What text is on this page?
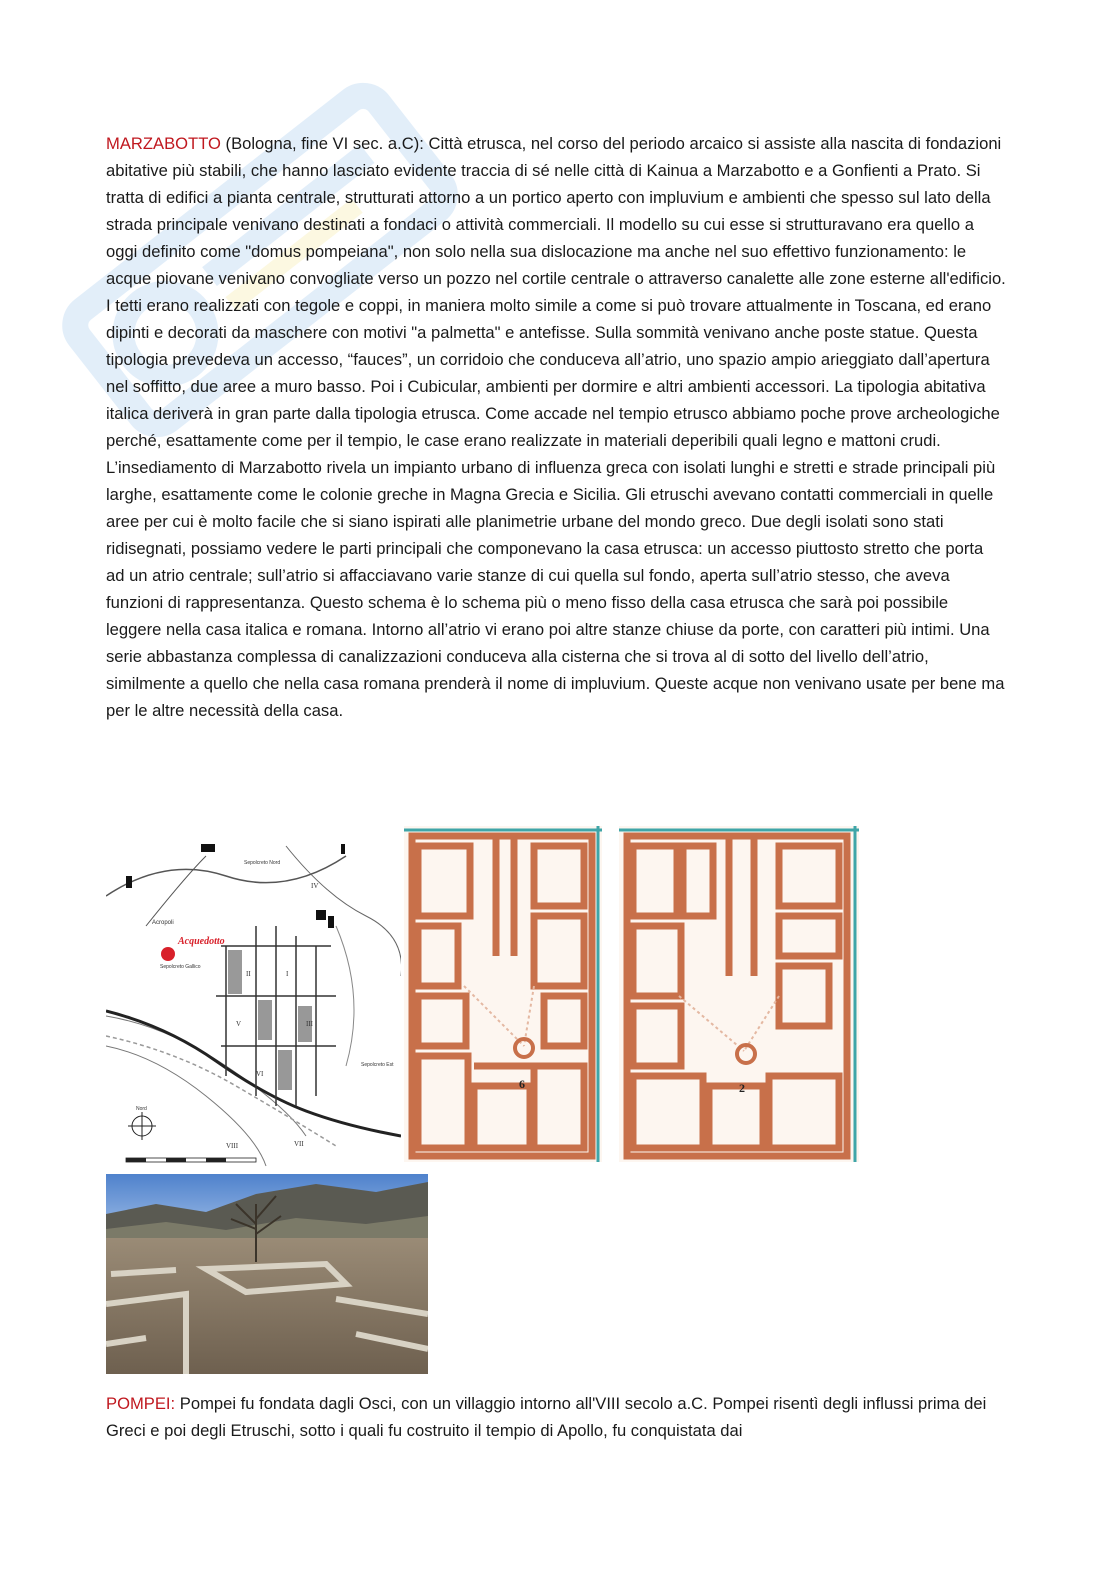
MARZABOTTO (Bologna, fine VI sec. a.C): Città etrusca, nel corso del periodo arcaico si assiste alla nascita di fondazioni abitative più stabili, che hanno lasciato evidente traccia di sé nelle città di Kainua a Marzabotto e a Gonfienti a Prato. Si tratta di edifici a pianta centrale, strutturati attorno a un portico aperto con impluvium e ambienti che spesso sul lato della strada principale venivano destinati a fondaci o attività commerciali. Il modello su cui esse si strutturavano era quello a oggi definito come "domus pompeiana", non solo nella sua dislocazione ma anche nel suo effettivo funzionamento: le acque piovane venivano convogliate verso un pozzo nel cortile centrale o attraverso canalette alle zone esterne all'edificio. I tetti erano realizzati con tegole e coppi, in maniera molto simile a come si può trovare attualmente in Toscana, ed erano dipinti e decorati da maschere con motivi "a palmetta" e antefisse. Sulla sommità venivano anche poste statue. Questa tipologia prevedeva un accesso, “fauces”, un corridoio che conduceva all’atrio, uno spazio ampio arieggiato dall’apertura nel soffitto, due aree a muro basso. Poi i Cubicular, ambienti per dormire e altri ambienti accessori. La tipologia abitativa italica deriverà in gran parte dalla tipologia etrusca. Come accade nel tempio etrusco abbiamo poche prove archeologiche perché, esattamente come per il tempio, le case erano realizzate in materiali deperibili quali legno e mattoni crudi. L’insediamento di Marzabotto rivela un impianto urbano di influenza greca con isolati lunghi e stretti e strade principali più larghe, esattamente come le colonie greche in Magna Grecia e Sicilia. Gli etruschi avevano contatti commerciali in quelle aree per cui è molto facile che si siano ispirati alle planimetrie urbane del mondo greco. Due degli isolati sono stati ridisegnati, possiamo vedere le parti principali che componevano la casa etrusca: un accesso piuttosto stretto che porta ad un atrio centrale; sull’atrio si affacciavano varie stanze di cui quella sul fondo, aperta sull’atrio stesso, che aveva funzioni di rappresentanza. Questo schema è lo schema più o meno fisso della casa etrusca che sarà poi possibile leggere nella casa italica e romana. Intorno all’atrio vi erano poi altre stanze chiuse da porte, con caratteri più intimi. Una serie abbastanza complessa di canalizzazioni conduceva alla cisterna che si trova al di sotto del livello dell’atrio, similmente a quello che nella casa romana prenderà il nome di impluvium. Queste acque non venivano usate per bene ma per le altre necessità della casa.
Acquedotto
Acropoli
Sepolcreto Nord
Sepolcreto Est
Sepolcreto Gallico
IV
I
II
III
V
VI
VII
VIII
Nord
6	2
POMPEI: Pompei fu fondata dagli Osci, con un villaggio intorno all'VIII secolo a.C. Pompei risentì degli influssi prima dei Greci e poi degli Etruschi, sotto i quali fu costruito il tempio di Apollo, fu conquistata dai
